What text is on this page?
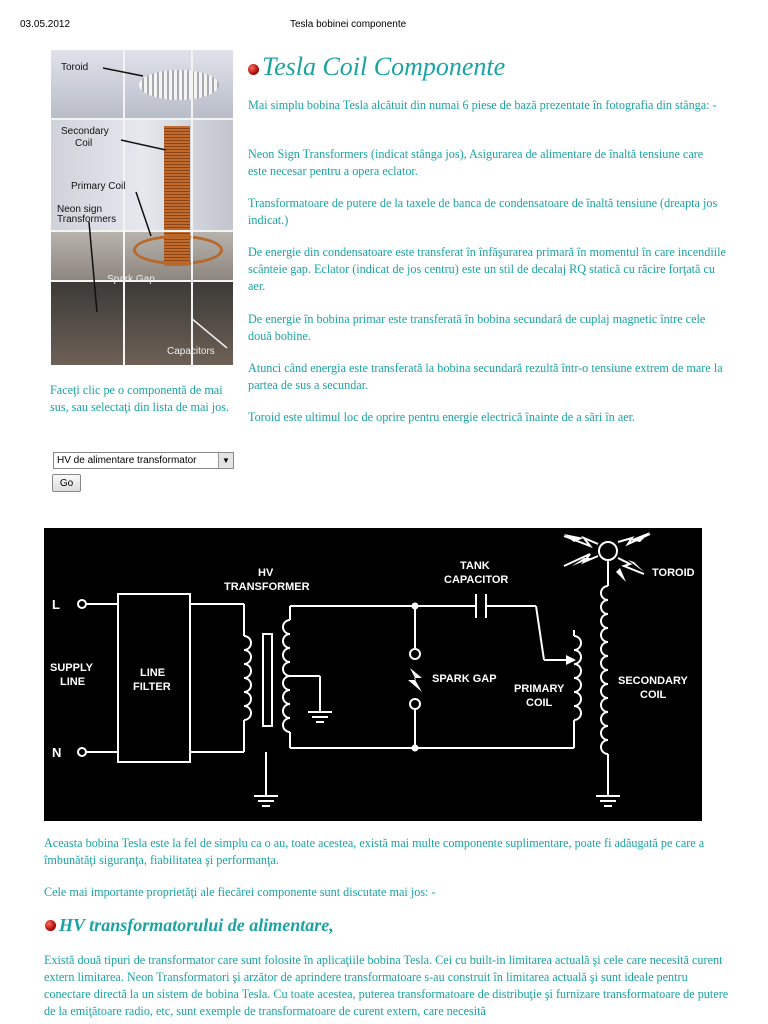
03.05.2012	Tesla bobinei componente
Toroid
Secondary
Coil
Primary Coil
Neon sign
Transformers
Spark Gap
Capacitors
Tesla Coil Componente

Mai simplu bobina Tesla alcătuit din numai 6 piese de bază prezentate în fotografia din stânga: -

Neon Sign Transformers (indicat stânga jos), Asigurarea de alimentare de înaltă tensiune care este necesar pentru a opera eclator.

Transformatoare de putere de la taxele de banca de condensatoare de înaltă tensiune (dreapta jos indicat.)

De energie din condensatoare este transferat în înfăşurarea primară în momentul în care incendiile scânteie gap. Eclator (indicat de jos centru) este un stil de decalaj RQ statică cu răcire forţată cu aer.

De energie în bobina primar este transferată în bobina secundară de cuplaj magnetic între cele două bobine.

Atunci când energia este transferată la bobina secundară rezultă într-o tensiune extrem de mare la partea de sus a secundar.

Toroid este ultimul loc de oprire pentru energie electrică înainte de a sări în aer.

Faceţi clic pe o componentă de mai sus, sau selectaţi din lista de mai jos.

HV de alimentare transformator	▼
Go
L
N
SUPPLY
LINE
LINE
FILTER
HV
TRANSFORMER
TANK
CAPACITOR
SPARK GAP
PRIMARY
COIL
SECONDARY
COIL
TOROID

Aceasta bobina Tesla este la fel de simplu ca o au, toate acestea, există mai multe componente suplimentare, poate fi adăugată pe care a îmbunătăţi siguranţa, fiabilitatea şi performanţa.

Cele mai importante proprietăţi ale fiecărei componente sunt discutate mai jos: -

HV transformatorului de alimentare,

Există două tipuri de transformator care sunt folosite în aplicaţiile bobina Tesla. Cei cu built-in limitarea actuală şi cele care necesită curent extern limitarea. Neon Transformatori şi arzător de aprindere transformatoare s-au construit în limitarea actuală şi sunt ideale pentru conectare directă la un sistem de bobina Tesla. Cu toate acestea, puterea transformatoare de distribuţie şi furnizare transformatoare de putere de la emiţătoare radio, etc, sunt exemple de transformatoare de curent extern, care necesită
